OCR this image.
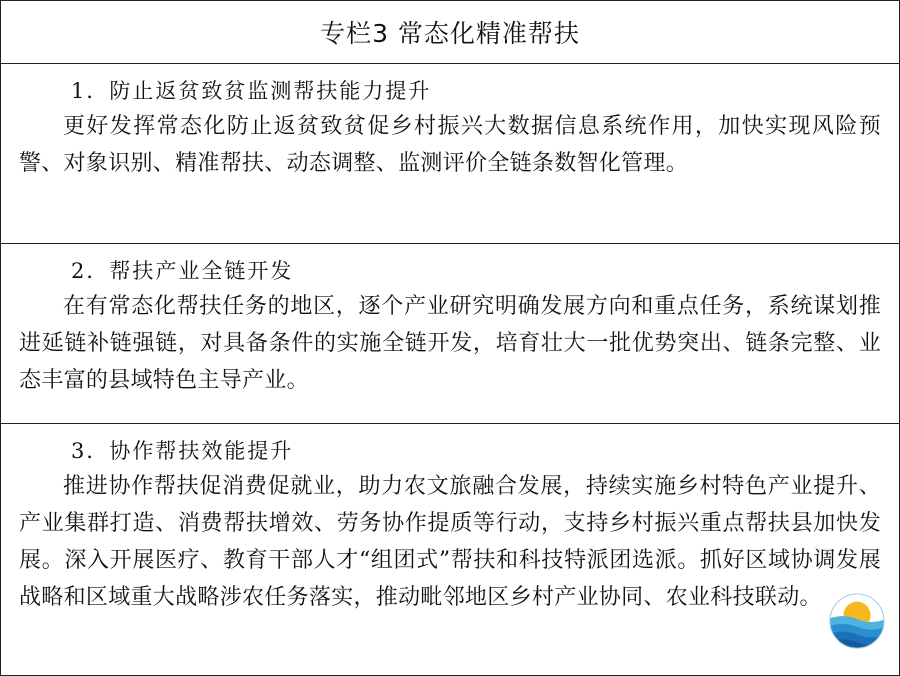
专栏3 常态化精准帮扶
1．防止返贫致贫监测帮扶能力提升
更好发挥常态化防止返贫致贫促乡村振兴大数据信息系统作用，加快实现风险预警、对象识别、精准帮扶、动态调整、监测评价全链条数智化管理。
2．帮扶产业全链开发
在有常态化帮扶任务的地区，逐个产业研究明确发展方向和重点任务，系统谋划推进延链补链强链，对具备条件的实施全链开发，培育壮大一批优势突出、链条完整、业态丰富的县域特色主导产业。
3．协作帮扶效能提升
推进协作帮扶促消费促就业，助力农文旅融合发展，持续实施乡村特色产业提升、产业集群打造、消费帮扶增效、劳务协作提质等行动，支持乡村振兴重点帮扶县加快发展。深入开展医疗、教育干部人才“组团式”帮扶和科技特派团选派。抓好区域协调发展战略和区域重大战略涉农任务落实，推动毗邻地区乡村产业协同、农业科技联动。
